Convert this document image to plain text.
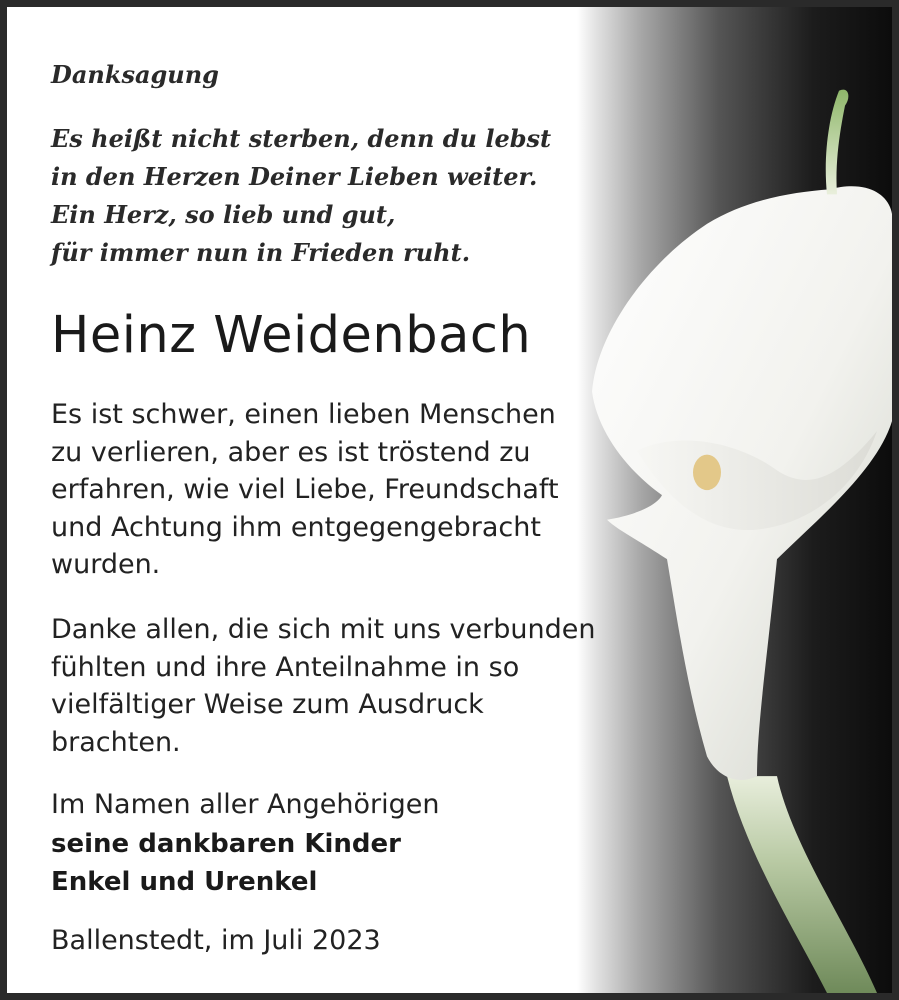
Danksagung

Es heißt nicht sterben, denn du lebst
in den Herzen Deiner Lieben weiter.
Ein Herz, so lieb und gut,
für immer nun in Frieden ruht.

Heinz Weidenbach

Es ist schwer, einen lieben Menschen
zu verlieren, aber es ist tröstend zu
erfahren, wie viel Liebe, Freundschaft
und Achtung ihm entgegengebracht
wurden.

Danke allen, die sich mit uns verbunden
fühlten und ihre Anteilnahme in so
vielfältiger Weise zum Ausdruck
brachten.

Im Namen aller Angehörigen

seine dankbaren Kinder

Enkel und Urenkel

Ballenstedt, im Juli 2023
